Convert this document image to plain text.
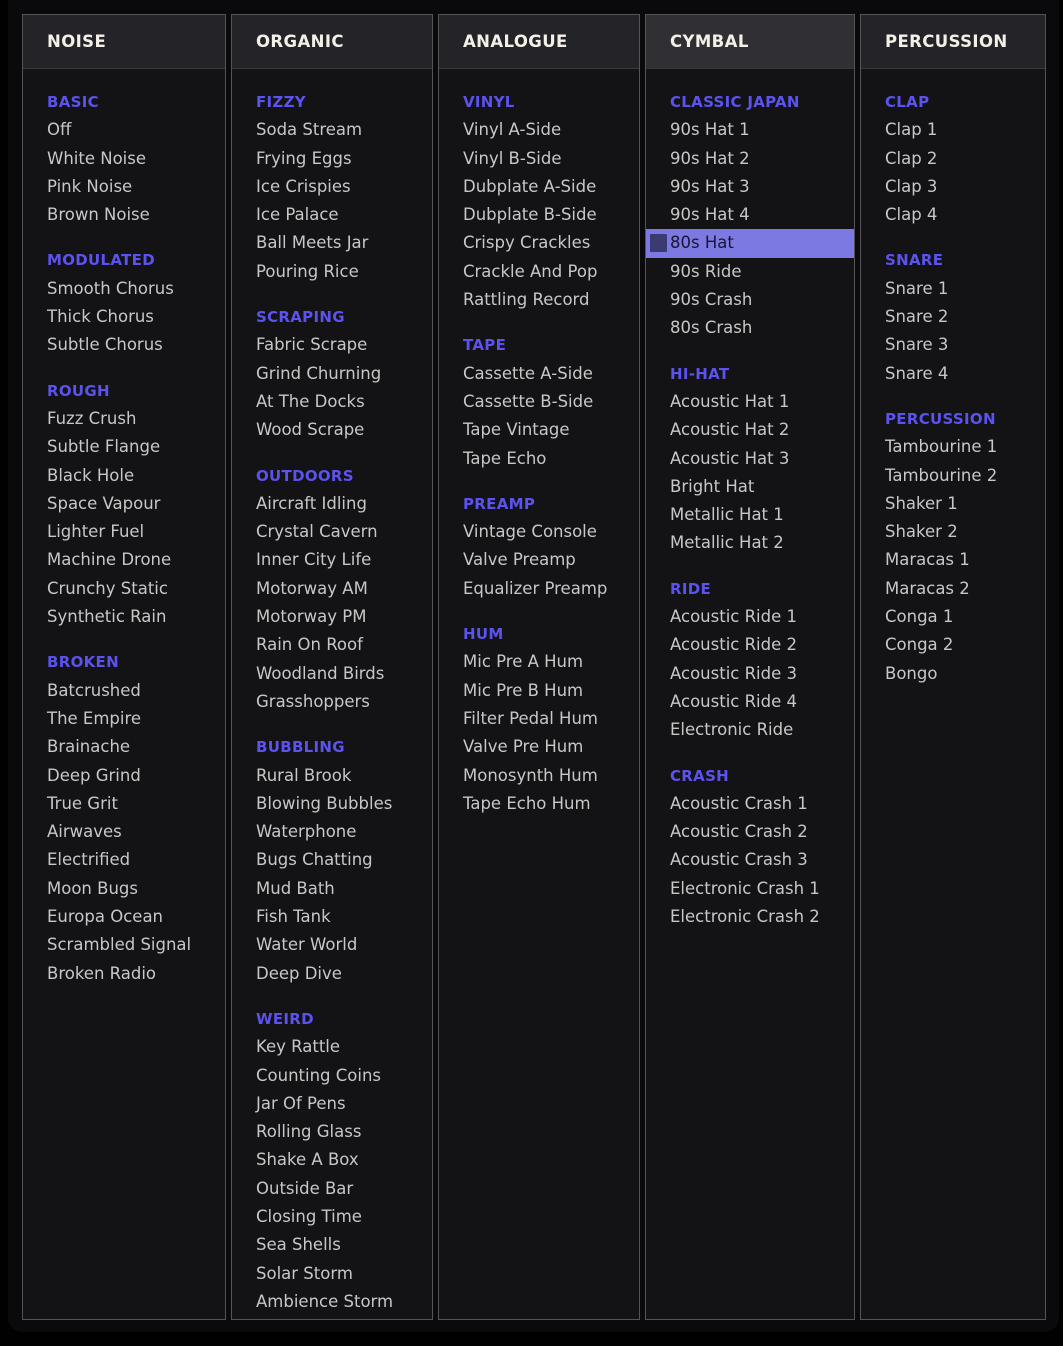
NOISE
BASIC
Off
White Noise
Pink Noise
Brown Noise
MODULATED
Smooth Chorus
Thick Chorus
Subtle Chorus
ROUGH
Fuzz Crush
Subtle Flange
Black Hole
Space Vapour
Lighter Fuel
Machine Drone
Crunchy Static
Synthetic Rain
BROKEN
Batcrushed
The Empire
Brainache
Deep Grind
True Grit
Airwaves
Electrified
Moon Bugs
Europa Ocean
Scrambled Signal
Broken Radio
ORGANIC
FIZZY
Soda Stream
Frying Eggs
Ice Crispies
Ice Palace
Ball Meets Jar
Pouring Rice
SCRAPING
Fabric Scrape
Grind Churning
At The Docks
Wood Scrape
OUTDOORS
Aircraft Idling
Crystal Cavern
Inner City Life
Motorway AM
Motorway PM
Rain On Roof
Woodland Birds
Grasshoppers
BUBBLING
Rural Brook
Blowing Bubbles
Waterphone
Bugs Chatting
Mud Bath
Fish Tank
Water World
Deep Dive
WEIRD
Key Rattle
Counting Coins
Jar Of Pens
Rolling Glass
Shake A Box
Outside Bar
Closing Time
Sea Shells
Solar Storm
Ambience Storm
ANALOGUE
VINYL
Vinyl A-Side
Vinyl B-Side
Dubplate A-Side
Dubplate B-Side
Crispy Crackles
Crackle And Pop
Rattling Record
TAPE
Cassette A-Side
Cassette B-Side
Tape Vintage
Tape Echo
PREAMP
Vintage Console
Valve Preamp
Equalizer Preamp
HUM
Mic Pre A Hum
Mic Pre B Hum
Filter Pedal Hum
Valve Pre Hum
Monosynth Hum
Tape Echo Hum
CYMBAL
CLASSIC JAPAN
90s Hat 1
90s Hat 2
90s Hat 3
90s Hat 4
80s Hat
90s Ride
90s Crash
80s Crash
HI-HAT
Acoustic Hat 1
Acoustic Hat 2
Acoustic Hat 3
Bright Hat
Metallic Hat 1
Metallic Hat 2
RIDE
Acoustic Ride 1
Acoustic Ride 2
Acoustic Ride 3
Acoustic Ride 4
Electronic Ride
CRASH
Acoustic Crash 1
Acoustic Crash 2
Acoustic Crash 3
Electronic Crash 1
Electronic Crash 2
PERCUSSION
CLAP
Clap 1
Clap 2
Clap 3
Clap 4
SNARE
Snare 1
Snare 2
Snare 3
Snare 4
PERCUSSION
Tambourine 1
Tambourine 2
Shaker 1
Shaker 2
Maracas 1
Maracas 2
Conga 1
Conga 2
Bongo
